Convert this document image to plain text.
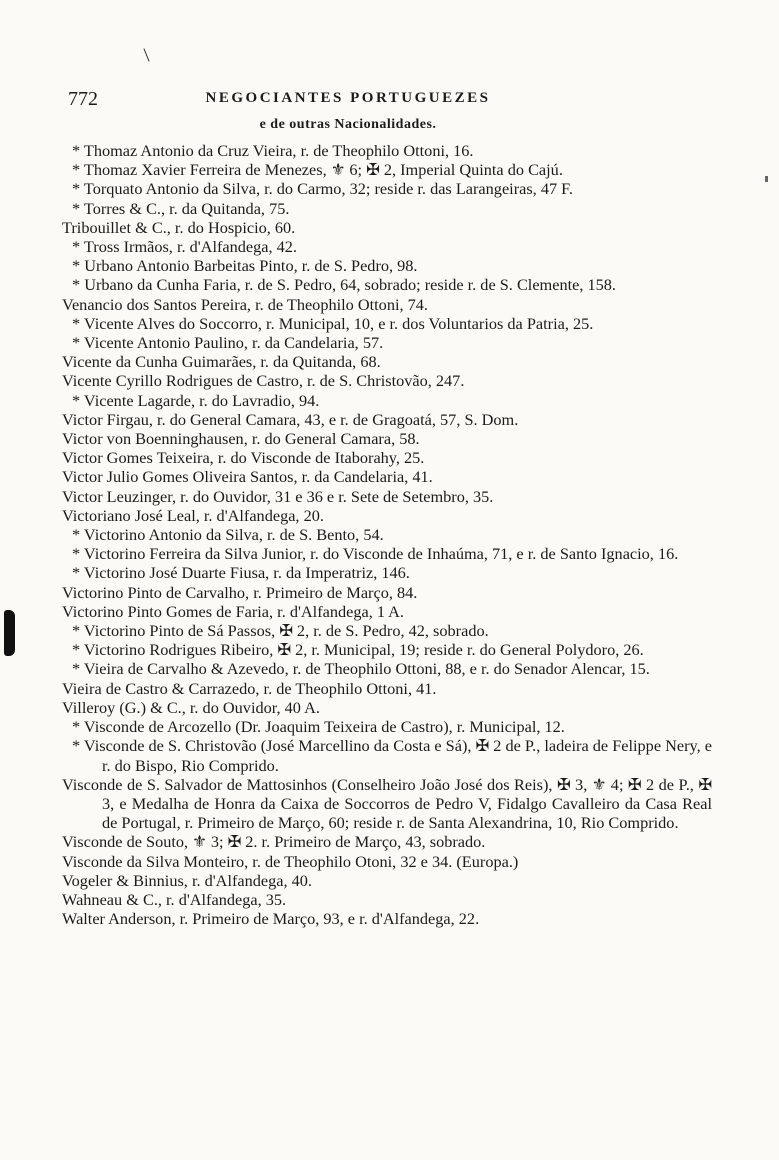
772	NEGOCIANTES PORTUGUEZES
e de outras Nacionalidades.

* Thomaz Antonio da Cruz Vieira, r. de Theophilo Ottoni, 16.

* Thomaz Xavier Ferreira de Menezes, ⚜ 6; ✠ 2, Imperial Quinta do Cajú.

* Torquato Antonio da Silva, r. do Carmo, 32; reside r. das Larangeiras, 47 F.

* Torres & C., r. da Quitanda, 75.

Tribouillet & C., r. do Hospicio, 60.

* Tross Irmãos, r. d'Alfandega, 42.

* Urbano Antonio Barbeitas Pinto, r. de S. Pedro, 98.

* Urbano da Cunha Faria, r. de S. Pedro, 64, sobrado; reside r. de S. Clemente, 158.

Venancio dos Santos Pereira, r. de Theophilo Ottoni, 74.

* Vicente Alves do Soccorro, r. Municipal, 10, e r. dos Voluntarios da Patria, 25.

* Vicente Antonio Paulino, r. da Candelaria, 57.

Vicente da Cunha Guimarães, r. da Quitanda, 68.

Vicente Cyrillo Rodrigues de Castro, r. de S. Christovão, 247.

* Vicente Lagarde, r. do Lavradio, 94.

Victor Firgau, r. do General Camara, 43, e r. de Gragoatá, 57, S. Dom.

Victor von Boenninghausen, r. do General Camara, 58.

Victor Gomes Teixeira, r. do Visconde de Itaborahy, 25.

Victor Julio Gomes Oliveira Santos, r. da Candelaria, 41.

Victor Leuzinger, r. do Ouvidor, 31 e 36 e r. Sete de Setembro, 35.

Victoriano José Leal, r. d'Alfandega, 20.

* Victorino Antonio da Silva, r. de S. Bento, 54.

* Victorino Ferreira da Silva Junior, r. do Visconde de Inhaúma, 71, e r. de Santo Ignacio, 16.

* Victorino José Duarte Fiusa, r. da Imperatriz, 146.

Victorino Pinto de Carvalho, r. Primeiro de Março, 84.

Victorino Pinto Gomes de Faria, r. d'Alfandega, 1 A.

* Victorino Pinto de Sá Passos, ✠ 2, r. de S. Pedro, 42, sobrado.

* Victorino Rodrigues Ribeiro, ✠ 2, r. Municipal, 19; reside r. do General Polydoro, 26.

* Vieira de Carvalho & Azevedo, r. de Theophilo Ottoni, 88, e r. do Senador Alencar, 15.

Vieira de Castro & Carrazedo, r. de Theophilo Ottoni, 41.

Villeroy (G.) & C., r. do Ouvidor, 40 A.

* Visconde de Arcozello (Dr. Joaquim Teixeira de Castro), r. Municipal, 12.

* Visconde de S. Christovão (José Marcellino da Costa e Sá), ✠ 2 de P., ladeira de Felippe Nery, e r. do Bispo, Rio Comprido.

Visconde de S. Salvador de Mattosinhos (Conselheiro João José dos Reis), ✠ 3, ⚜ 4; ✠ 2 de P., ✠ 3, e Medalha de Honra da Caixa de Soccorros de Pedro V, Fidalgo Cavalleiro da Casa Real de Portugal, r. Primeiro de Março, 60; reside r. de Santa Alexandrina, 10, Rio Comprido.

Visconde de Souto, ⚜ 3; ✠ 2. r. Primeiro de Março, 43, sobrado.

Visconde da Silva Monteiro, r. de Theophilo Otoni, 32 e 34. (Europa.)

Vogeler & Binnius, r. d'Alfandega, 40.

Wahneau & C., r. d'Alfandega, 35.

Walter Anderson, r. Primeiro de Março, 93, e r. d'Alfandega, 22.
